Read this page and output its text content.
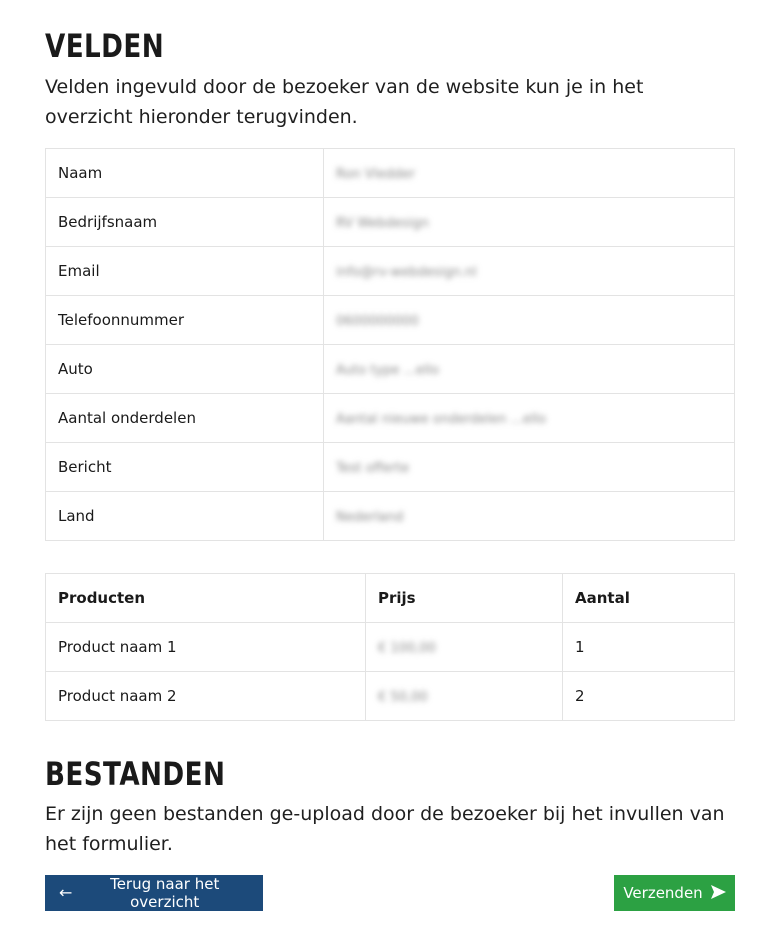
VELDEN

Velden ingevuld door de bezoeker van de website kun je in het overzicht hieronder terugvinden.

Naam	Ron Vledder
Bedrijfsnaam	RV Webdesign
Email	info@rv-webdesign.nl
Telefoonnummer	0600000000
Auto	Auto type ...ello
Aantal onderdelen	Aantal nieuwe onderdelen ...ello
Bericht	Test offerte
Land	Nederland
Producten	Prijs	Aantal
Product naam 1	€ 100,00	1
Product naam 2	€ 50,00	2
BESTANDEN

Er zijn geen bestanden ge-upload door de bezoeker bij het invullen van het formulier.

←	Terug naar het overzicht	Verzenden
